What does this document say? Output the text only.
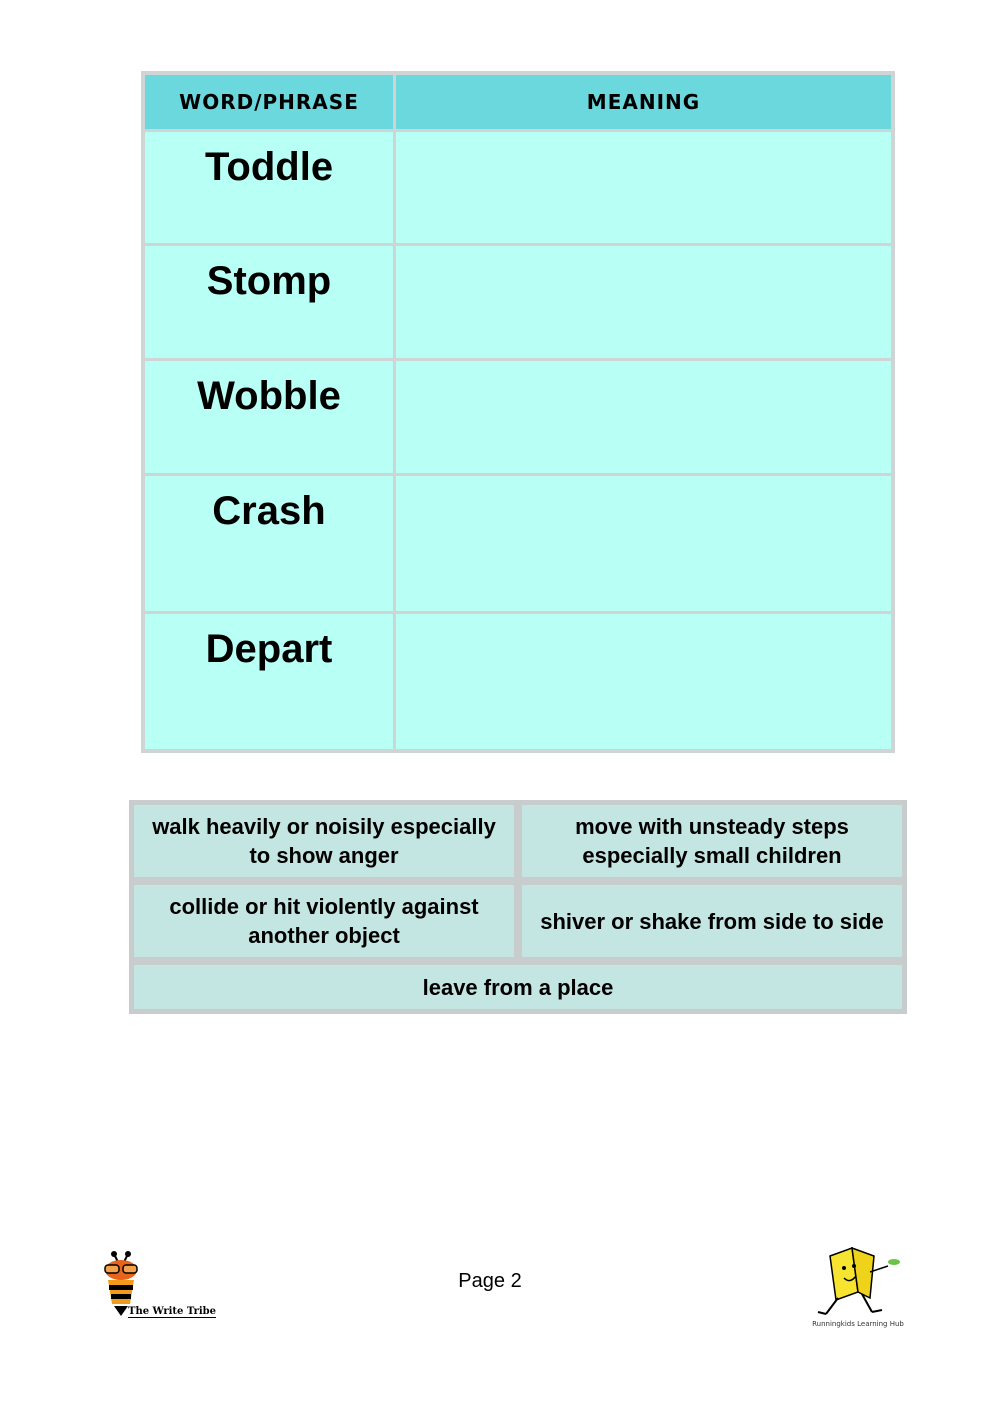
WORD/PHRASE	MEANING
Toddle
Stomp
Wobble
Crash
Depart
walk heavily or noisily especially to show anger
move with unsteady steps especially small children
collide or hit violently against another object
shiver or shake from side to side
leave from a place
The Write Tribe
Page 2
Runningkids Learning Hub
